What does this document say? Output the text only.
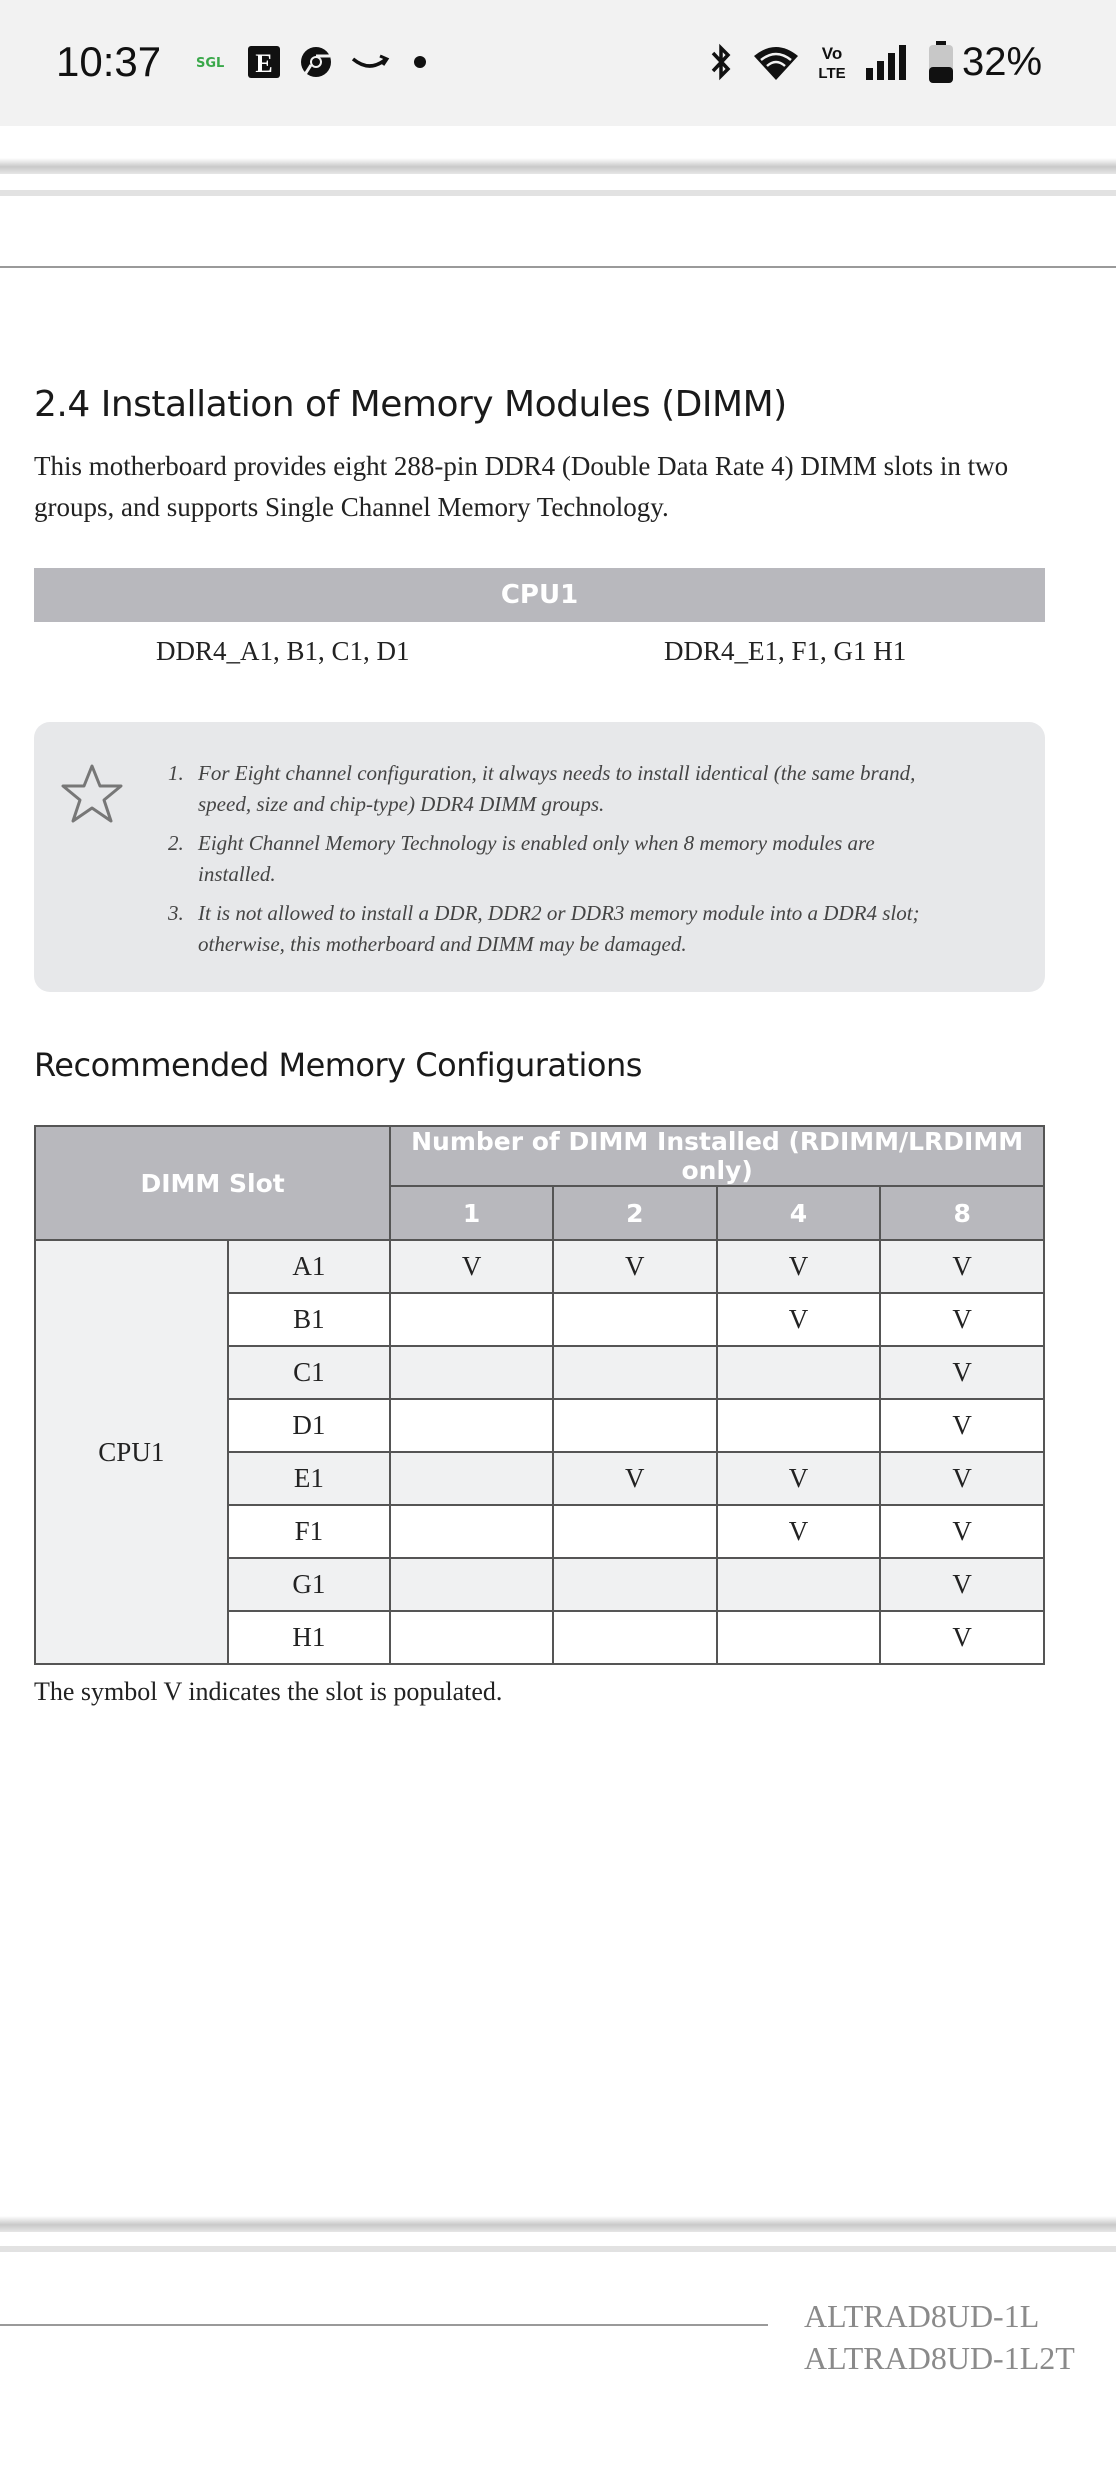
10:37	SGL E	Vo
LTE	32%
2.4 Installation of Memory Modules (DIMM)
This motherboard provides eight 288-pin DDR4 (Double Data Rate 4) DIMM slots in two groups, and supports Single Channel Memory Technology.
CPU1
DDR4_A1, B1, C1, D1	DDR4_E1, F1, G1 H1
1. For Eight channel configuration, it always needs to install identical (the same brand, speed, size and chip-type) DDR4 DIMM groups.
2. Eight Channel Memory Technology is enabled only when 8 memory modules are installed.
3. It is not allowed to install a DDR, DDR2 or DDR3 memory module into a DDR4 slot; otherwise, this motherboard and DIMM may be damaged.
Recommended Memory Configurations
DIMM Slot		Number of DIMM Installed (RDIMM/LRDIMM only)			
		1	2	4	8
CPU1	A1	V	V	V	V
	B1			V	V
	C1				V
	D1				V
	E1		V	V	V
	F1			V	V
	G1				V
	H1				V
The symbol V indicates the slot is populated.
ALTRAD8UD-1L
ALTRAD8UD-1L2T
